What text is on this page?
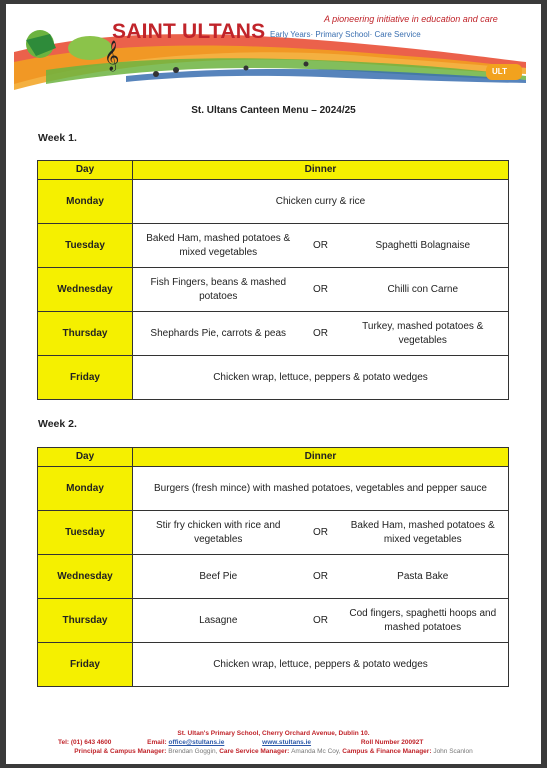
𝄞
SAINT ULTANS
A pioneering initiative in education and care
Early Years· Primary School· Care Service
ULT
St. Ultans Canteen Menu – 2024/25
Week 1.
Day	Dinner		
Monday	Chicken curry & rice		
Tuesday	Baked Ham, mashed potatoes & mixed vegetables	OR	Spaghetti Bolagnaise
Wednesday	Fish Fingers, beans & mashed potatoes	OR	Chilli con Carne
Thursday	Shephards Pie, carrots & peas	OR	Turkey, mashed potatoes & vegetables
Friday	Chicken wrap, lettuce, peppers & potato wedges		
Week 2.
Day	Dinner		
Monday	Burgers (fresh mince) with mashed potatoes, vegetables and pepper sauce		
Tuesday	Stir fry chicken with rice and vegetables	OR	Baked Ham, mashed potatoes & mixed vegetables
Wednesday	Beef Pie	OR	Pasta Bake
Thursday	Lasagne	OR	Cod fingers, spaghetti hoops and mashed potatoes
Friday	Chicken wrap, lettuce, peppers & potato wedges		
St. Ultan's Primary School, Cherry Orchard Avenue, Dublin 10.
Tel: (01) 643 4600	Email: office@stultans.ie	www.stultans.ie	Roll Number 20092T
Principal & Campus Manager: Brendan Goggin, Care Service Manager: Amanda Mc Coy, Campus & Finance Manager: John Scanlon
